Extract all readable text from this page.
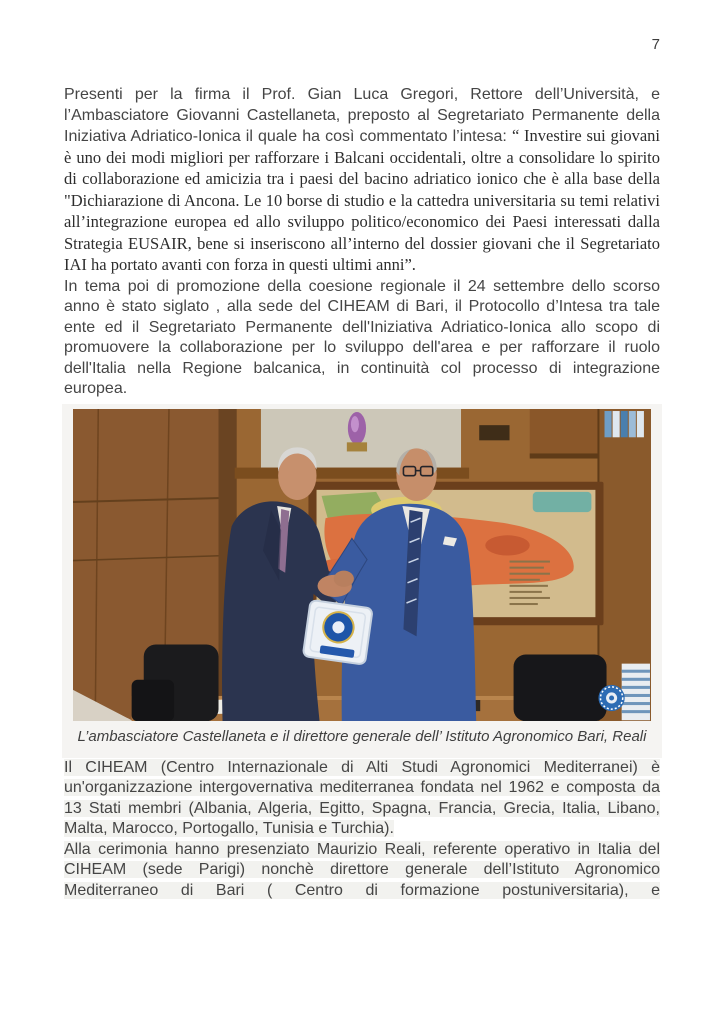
7

Presenti per la firma il Prof. Gian Luca Gregori, Rettore dell’Università, e l’Ambasciatore Giovanni Castellaneta, preposto al Segretariato Permanente della Iniziativa Adriatico-Ionica il quale ha così commentato l’intesa: “ Investire sui giovani è uno dei modi migliori per rafforzare i Balcani occidentali, oltre a consolidare lo spirito di collaborazione ed amicizia tra i paesi del bacino adriatico ionico che è alla base della "Dichiarazione di Ancona. Le 10 borse di studio e la cattedra universitaria su temi relativi all’integrazione europea ed allo sviluppo politico/economico dei Paesi interessati dalla Strategia EUSAIR, bene si inseriscono all’interno del dossier giovani che il Segretariato IAI ha portato avanti con forza in questi ultimi anni”.

In tema poi di promozione della coesione regionale il 24 settembre dello scorso anno è stato siglato , alla sede del CIHEAM di Bari, il Protocollo d’Intesa tra tale ente ed il Segretariato Permanente dell'Iniziativa Adriatico-Ionica allo scopo di promuovere la collaborazione per lo sviluppo dell'area e per rafforzare il ruolo dell'Italia nella Regione balcanica, in continuità col processo di integrazione europea.

L’ambasciatore Castellaneta e il direttore generale dell’ Istituto Agronomico Bari, Reali

Il CIHEAM (Centro Internazionale di Alti Studi Agronomici Mediterranei) è un'organizzazione intergovernativa mediterranea fondata nel 1962 e composta da 13 Stati membri (Albania, Algeria, Egitto, Spagna, Francia, Grecia, Italia, Libano, Malta, Marocco, Portogallo, Tunisia e Turchia).

Alla cerimonia hanno presenziato Maurizio Reali, referente operativo in Italia del CIHEAM (sede Parigi) nonchè direttore generale dell’Istituto Agronomico Mediterraneo di Bari ( Centro di formazione postuniversitaria), e
